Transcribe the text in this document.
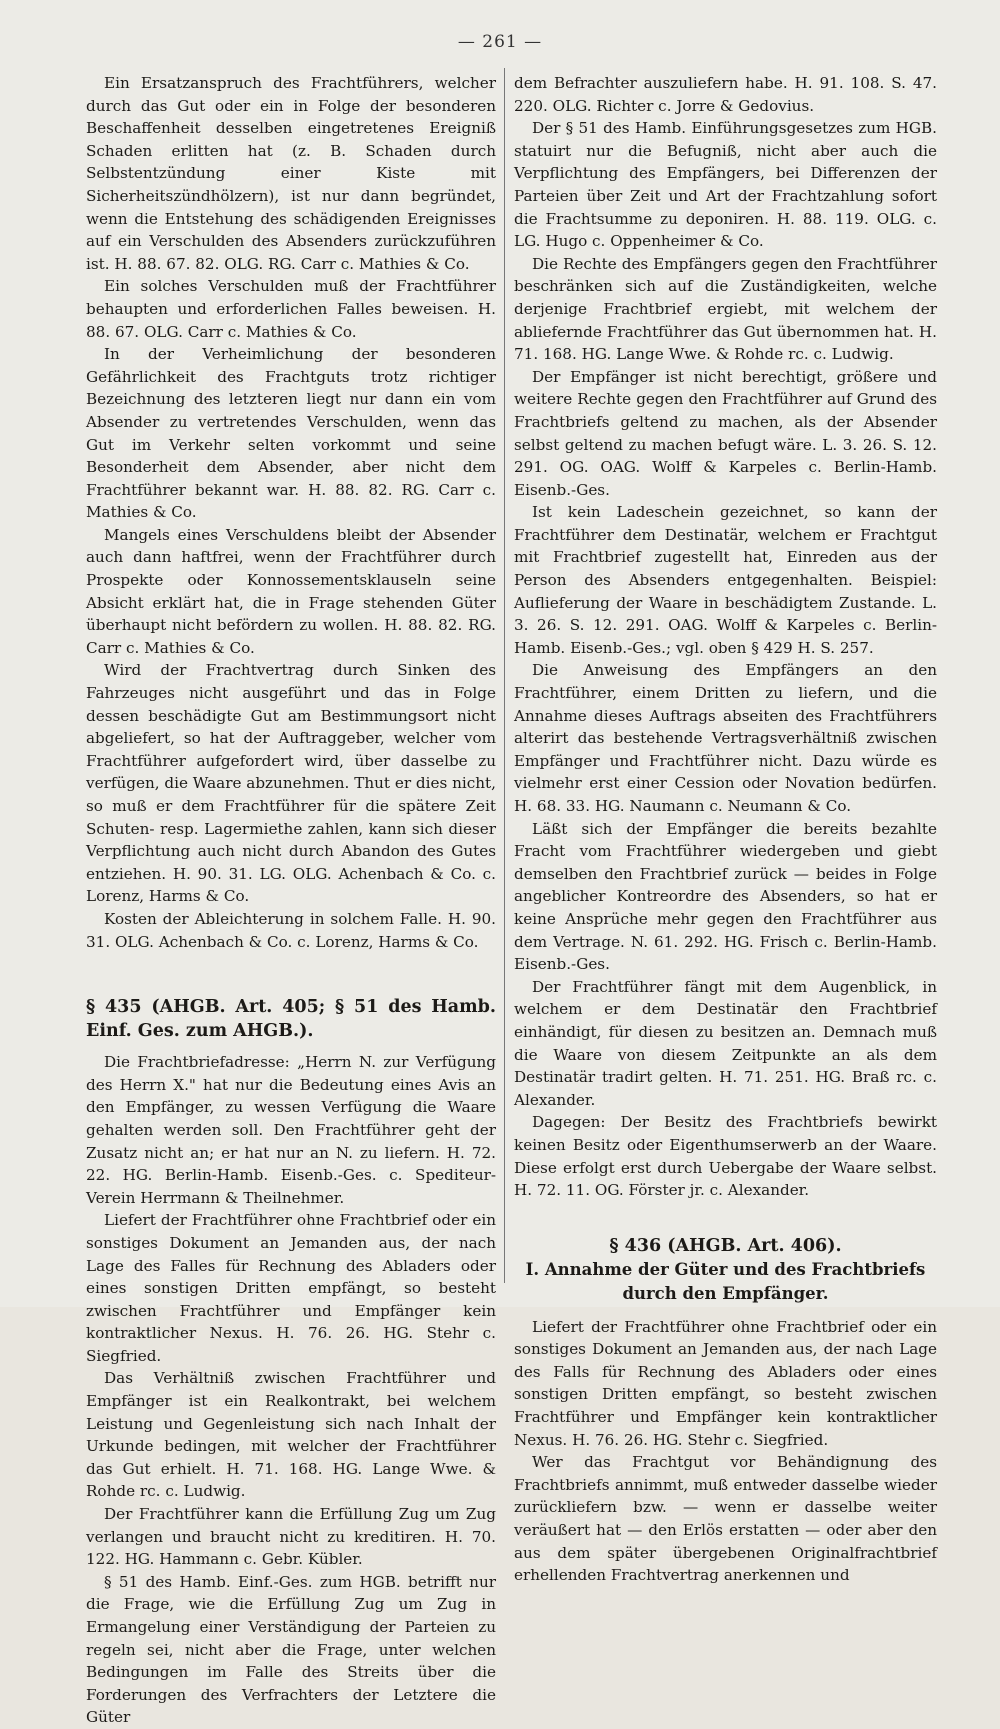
— 261 —

Ein Ersatzanspruch des Frachtführers, welcher durch das Gut oder ein in Folge der besonderen Beschaffenheit desselben eingetretenes Ereigniß Schaden erlitten hat (z. B. Schaden durch Selbstentzündung einer Kiste mit Sicherheitszündhölzern), ist nur dann begründet, wenn die Entstehung des schädigenden Ereignisses auf ein Verschulden des Absenders zurückzuführen ist. H. 88. 67. 82. OLG. RG. Carr c. Mathies & Co.

Ein solches Verschulden muß der Frachtführer behaupten und erforderlichen Falles beweisen. H. 88. 67. OLG. Carr c. Mathies & Co.

In der Verheimlichung der besonderen Gefährlichkeit des Frachtguts trotz richtiger Bezeichnung des letzteren liegt nur dann ein vom Absender zu vertretendes Verschulden, wenn das Gut im Verkehr selten vorkommt und seine Besonderheit dem Absender, aber nicht dem Frachtführer bekannt war. H. 88. 82. RG. Carr c. Mathies & Co.

Mangels eines Verschuldens bleibt der Absender auch dann haftfrei, wenn der Frachtführer durch Prospekte oder Konnossementsklauseln seine Absicht erklärt hat, die in Frage stehenden Güter überhaupt nicht befördern zu wollen. H. 88. 82. RG. Carr c. Mathies & Co.

Wird der Frachtvertrag durch Sinken des Fahrzeuges nicht ausgeführt und das in Folge dessen beschädigte Gut am Bestimmungsort nicht abgeliefert, so hat der Auftraggeber, welcher vom Frachtführer aufgefordert wird, über dasselbe zu verfügen, die Waare abzunehmen. Thut er dies nicht, so muß er dem Frachtführer für die spätere Zeit Schuten- resp. Lagermiethe zahlen, kann sich dieser Verpflichtung auch nicht durch Abandon des Gutes entziehen. H. 90. 31. LG. OLG. Achenbach & Co. c. Lorenz, Harms & Co.

Kosten der Ableichterung in solchem Falle. H. 90. 31. OLG. Achenbach & Co. c. Lorenz, Harms & Co.

§ 435 (AHGB. Art. 405; § 51 des Hamb. Einf. Ges. zum AHGB.).

Die Frachtbriefadresse: „Herrn N. zur Verfügung des Herrn X." hat nur die Bedeutung eines Avis an den Empfänger, zu wessen Verfügung die Waare gehalten werden soll. Den Frachtführer geht der Zusatz nicht an; er hat nur an N. zu liefern. H. 72. 22. HG. Berlin-Hamb. Eisenb.-Ges. c. Spediteur-Verein Herrmann & Theilnehmer.

Liefert der Frachtführer ohne Frachtbrief oder ein sonstiges Dokument an Jemanden aus, der nach Lage des Falles für Rechnung des Abladers oder eines sonstigen Dritten empfängt, so besteht zwischen Frachtführer und Empfänger kein kontraktlicher Nexus. H. 76. 26. HG. Stehr c. Siegfried.

Das Verhältniß zwischen Frachtführer und Empfänger ist ein Realkontrakt, bei welchem Leistung und Gegenleistung sich nach Inhalt der Urkunde bedingen, mit welcher der Frachtführer das Gut erhielt. H. 71. 168. HG. Lange Wwe. & Rohde rc. c. Ludwig.

Der Frachtführer kann die Erfüllung Zug um Zug verlangen und braucht nicht zu kreditiren. H. 70. 122. HG. Hammann c. Gebr. Kübler.

§ 51 des Hamb. Einf.-Ges. zum HGB. betrifft nur die Frage, wie die Erfüllung Zug um Zug in Ermangelung einer Verständigung der Parteien zu regeln sei, nicht aber die Frage, unter welchen Bedingungen im Falle des Streits über die Forderungen des Verfrachters der Letztere die Güter

dem Befrachter auszuliefern habe. H. 91. 108. S. 47. 220. OLG. Richter c. Jorre & Gedovius.

Der § 51 des Hamb. Einführungsgesetzes zum HGB. statuirt nur die Befugniß, nicht aber auch die Verpflichtung des Empfängers, bei Differenzen der Parteien über Zeit und Art der Frachtzahlung sofort die Frachtsumme zu deponiren. H. 88. 119. OLG. c. LG. Hugo c. Oppenheimer & Co.

Die Rechte des Empfängers gegen den Frachtführer beschränken sich auf die Zuständigkeiten, welche derjenige Frachtbrief ergiebt, mit welchem der abliefernde Frachtführer das Gut übernommen hat. H. 71. 168. HG. Lange Wwe. & Rohde rc. c. Ludwig.

Der Empfänger ist nicht berechtigt, größere und weitere Rechte gegen den Frachtführer auf Grund des Frachtbriefs geltend zu machen, als der Absender selbst geltend zu machen befugt wäre. L. 3. 26. S. 12. 291. OG. OAG. Wolff & Karpeles c. Berlin-Hamb. Eisenb.-Ges.

Ist kein Ladeschein gezeichnet, so kann der Frachtführer dem Destinatär, welchem er Frachtgut mit Frachtbrief zugestellt hat, Einreden aus der Person des Absenders entgegenhalten. Beispiel: Auflieferung der Waare in beschädigtem Zustande. L. 3. 26. S. 12. 291. OAG. Wolff & Karpeles c. Berlin-Hamb. Eisenb.-Ges.; vgl. oben § 429 H. S. 257.

Die Anweisung des Empfängers an den Frachtführer, einem Dritten zu liefern, und die Annahme dieses Auftrags abseiten des Frachtführers alterirt das bestehende Vertragsverhältniß zwischen Empfänger und Frachtführer nicht. Dazu würde es vielmehr erst einer Cession oder Novation bedürfen. H. 68. 33. HG. Naumann c. Neumann & Co.

Läßt sich der Empfänger die bereits bezahlte Fracht vom Frachtführer wiedergeben und giebt demselben den Frachtbrief zurück — beides in Folge angeblicher Kontreordre des Absenders, so hat er keine Ansprüche mehr gegen den Frachtführer aus dem Vertrage. N. 61. 292. HG. Frisch c. Berlin-Hamb. Eisenb.-Ges.

Der Frachtführer fängt mit dem Augenblick, in welchem er dem Destinatär den Frachtbrief einhändigt, für diesen zu besitzen an. Demnach muß die Waare von diesem Zeitpunkte an als dem Destinatär tradirt gelten. H. 71. 251. HG. Braß rc. c. Alexander.

Dagegen: Der Besitz des Frachtbriefs bewirkt keinen Besitz oder Eigenthumserwerb an der Waare. Diese erfolgt erst durch Uebergabe der Waare selbst. H. 72. 11. OG. Förster jr. c. Alexander.

§ 436 (AHGB. Art. 406).
I. Annahme der Güter und des Frachtbriefs durch den Empfänger.

Liefert der Frachtführer ohne Frachtbrief oder ein sonstiges Dokument an Jemanden aus, der nach Lage des Falls für Rechnung des Abladers oder eines sonstigen Dritten empfängt, so besteht zwischen Frachtführer und Empfänger kein kontraktlicher Nexus. H. 76. 26. HG. Stehr c. Siegfried.

Wer das Frachtgut vor Behändignung des Frachtbriefs annimmt, muß entweder dasselbe wieder zurückliefern bzw. — wenn er dasselbe weiter veräußert hat — den Erlös erstatten — oder aber den aus dem später übergebenen Originalfrachtbrief erhellenden Frachtvertrag anerkennen und
